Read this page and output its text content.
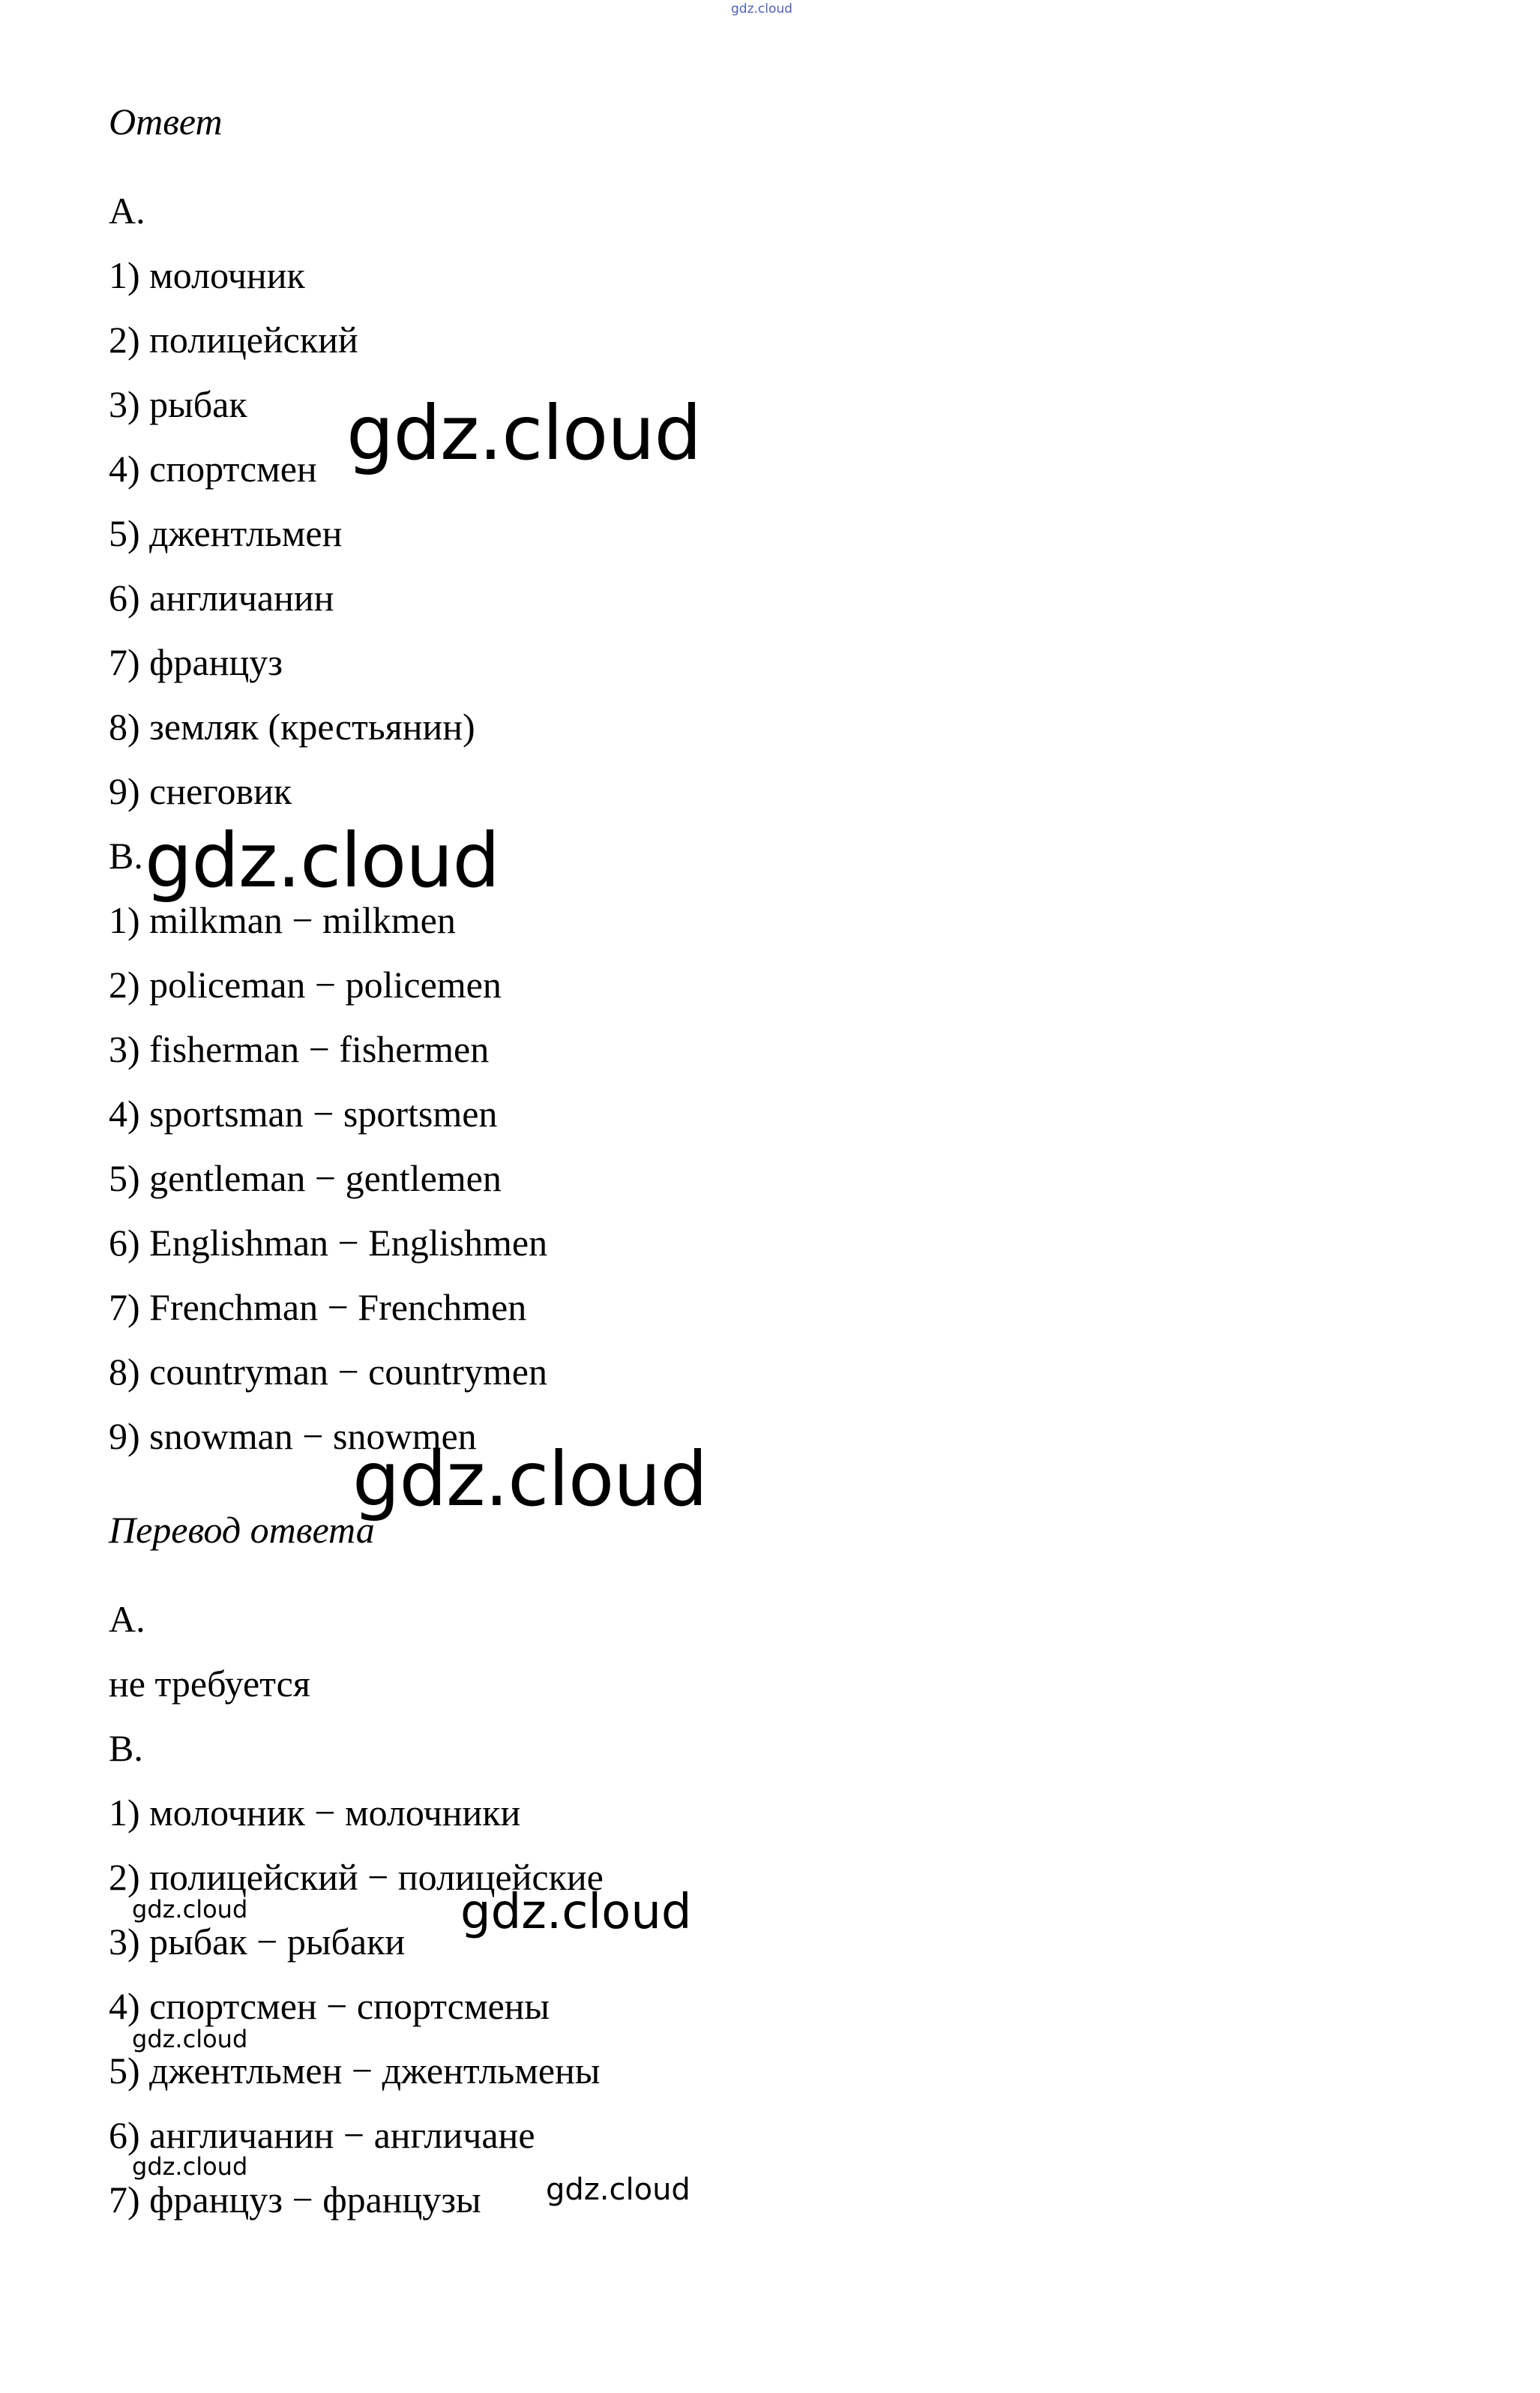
gdz.cloud
Ответ
A.
1) молочник
2) полицейский
3) рыбак
4) спортсмен
5) джентльмен
6) англичанин
7) француз
8) земляк (крестьянин)
9) снеговик
B.
1) milkman − milkmen
2) policeman − policemen
3) fisherman − fishermen
4) sportsman − sportsmen
5) gentleman − gentlemen
6) Englishman − Englishmen
7) Frenchman − Frenchmen
8) countryman − countrymen
9) snowman − snowmen
Перевод ответа
A.
не требуется
B.
1) молочник − молочники
2) полицейский − полицейские
3) рыбак − рыбаки
4) спортсмен − спортсмены
5) джентльмен − джентльмены
6) англичанин − англичане
7) француз − французы
gdz.cloud
gdz.cloud
gdz.cloud
gdz.cloud
gdz.cloud
gdz.cloud
gdz.cloud
gdz.cloud
